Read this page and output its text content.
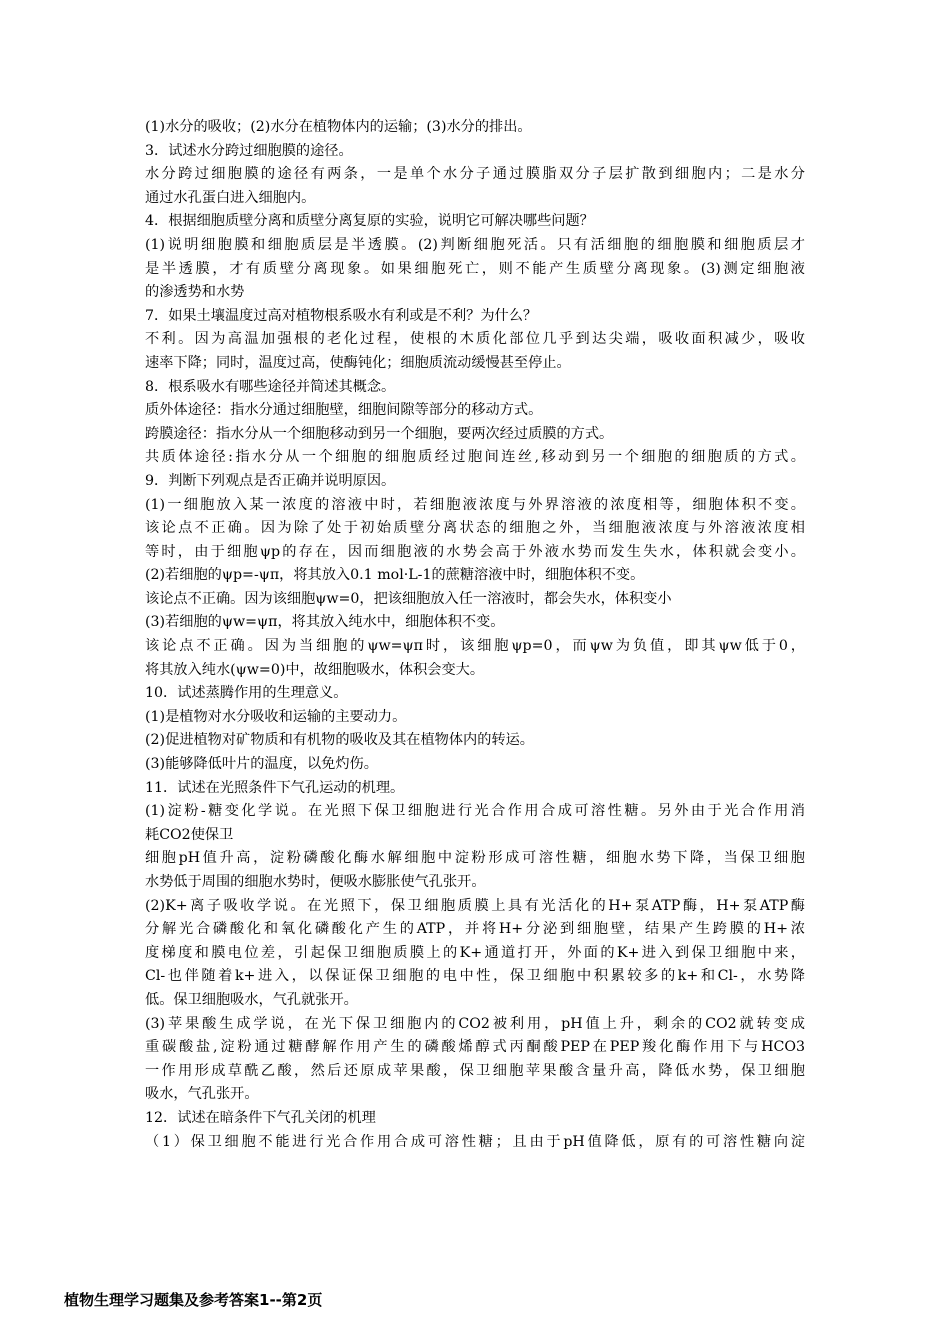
(1)水分的吸收；(2)水分在植物体内的运输；(3)水分的排出。
3．试述水分跨过细胞膜的途径。
水分跨过细胞膜的途径有两条，一是单个水分子通过膜脂双分子层扩散到细胞内；二是水分
通过水孔蛋白进入细胞内。
4．根据细胞质壁分离和质壁分离复原的实验，说明它可解决哪些问题？
(1)说明细胞膜和细胞质层是半透膜。(2)判断细胞死活。只有活细胞的细胞膜和细胞质层才
是半透膜，才有质壁分离现象。如果细胞死亡，则不能产生质壁分离现象。(3)测定细胞液
的渗透势和水势
7．如果土壤温度过高对植物根系吸水有利或是不利？为什么？
不利。因为高温加强根的老化过程，使根的木质化部位几乎到达尖端，吸收面积减少，吸收
速率下降；同时，温度过高，使酶钝化；细胞质流动缓慢甚至停止。
8．根系吸水有哪些途径并简述其概念。
质外体途径：指水分通过细胞壁，细胞间隙等部分的移动方式。
跨膜途径：指水分从一个细胞移动到另一个细胞，要两次经过质膜的方式。
共质体途径:指水分从一个细胞的细胞质经过胞间连丝,移动到另一个细胞的细胞质的方式。
9．判断下列观点是否正确并说明原因。
(1)一细胞放入某一浓度的溶液中时，若细胞液浓度与外界溶液的浓度相等，细胞体积不变。
该论点不正确。因为除了处于初始质壁分离状态的细胞之外，当细胞液浓度与外溶液浓度相
等时，由于细胞ψp的存在，因而细胞液的水势会高于外液水势而发生失水，体积就会变小。
(2)若细胞的ψp=-ψπ，将其放入0.1 mol·L-1的蔗糖溶液中时，细胞体积不变。
该论点不正确。因为该细胞ψw=0，把该细胞放入任一溶液时，都会失水，体积变小
(3)若细胞的ψw=ψπ，将其放入纯水中，细胞体积不变。
该论点不正确。因为当细胞的ψw=ψπ时，该细胞ψp=0，而ψw为负值，即其ψw低于0，
将其放入纯水(ψw=0)中，故细胞吸水，体积会变大。
10．试述蒸腾作用的生理意义。
(1)是植物对水分吸收和运输的主要动力。
(2)促进植物对矿物质和有机物的吸收及其在植物体内的转运。
(3)能够降低叶片的温度，以免灼伤。
11．试述在光照条件下气孔运动的机理。
(1)淀粉-糖变化学说。在光照下保卫细胞进行光合作用合成可溶性糖。另外由于光合作用消
耗CO2使保卫
细胞pH值升高，淀粉磷酸化酶水解细胞中淀粉形成可溶性糖，细胞水势下降，当保卫细胞
水势低于周围的细胞水势时，便吸水膨胀使气孔张开。
(2)K+离子吸收学说。在光照下，保卫细胞质膜上具有光活化的H+泵ATP酶，H+泵ATP酶
分解光合磷酸化和氧化磷酸化产生的ATP，并将H+分泌到细胞壁，结果产生跨膜的H+浓
度梯度和膜电位差，引起保卫细胞质膜上的K+通道打开，外面的K+进入到保卫细胞中来，
Cl-也伴随着k+进入，以保证保卫细胞的电中性，保卫细胞中积累较多的k+和Cl-，水势降
低。保卫细胞吸水，气孔就张开。
(3)苹果酸生成学说，在光下保卫细胞内的CO2被利用，pH值上升，剩余的CO2就转变成
重碳酸盐,淀粉通过糖酵解作用产生的磷酸烯醇式丙酮酸PEP在PEP羧化酶作用下与HCO3
一作用形成草酰乙酸，然后还原成苹果酸，保卫细胞苹果酸含量升高，降低水势，保卫细胞
吸水，气孔张开。
12．试述在暗条件下气孔关闭的机理
（1）保卫细胞不能进行光合作用合成可溶性糖；且由于pH值降低，原有的可溶性糖向淀
植物生理学习题集及参考答案1--第2页
